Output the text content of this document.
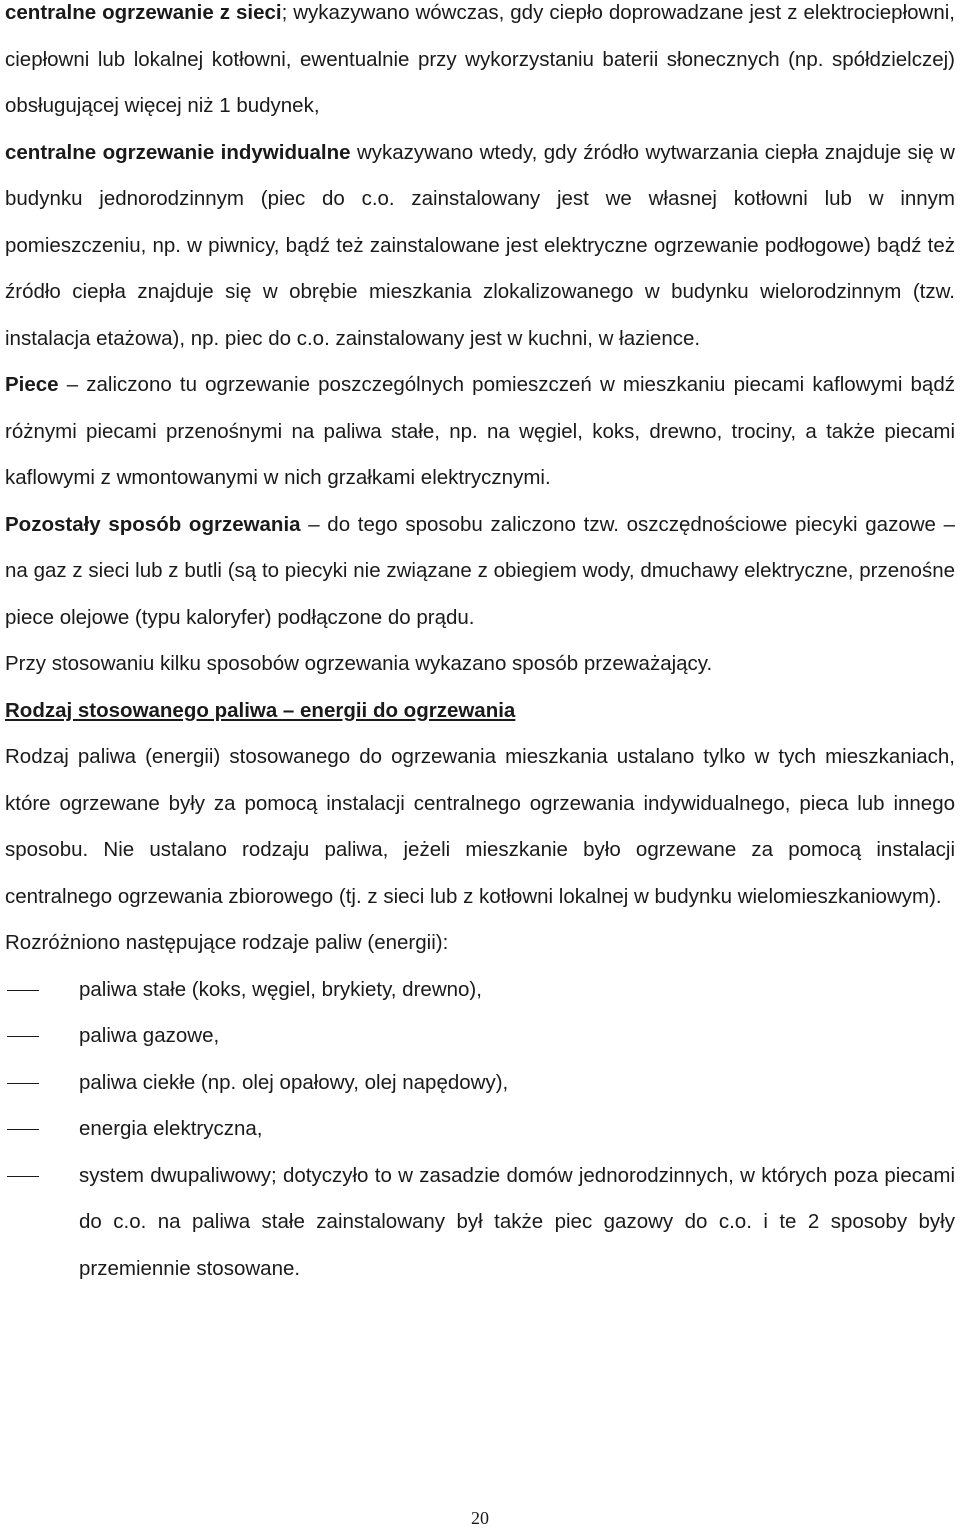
centralne ogrzewanie z sieci; wykazywano wówczas, gdy ciepło doprowadzane jest z elektrociepłowni, ciepłowni lub lokalnej kotłowni, ewentualnie przy wykorzystaniu baterii słonecznych (np. spółdzielczej) obsługującej więcej niż 1 budynek,

centralne ogrzewanie indywidualne wykazywano wtedy, gdy źródło wytwarzania ciepła znajduje się w budynku jednorodzinnym (piec do c.o. zainstalowany jest we własnej kotłowni lub w innym pomieszczeniu, np. w piwnicy, bądź też zainstalowane jest elektryczne ogrzewanie podłogowe) bądź też źródło ciepła znajduje się w obrębie mieszkania zlokalizowanego w budynku wielorodzinnym (tzw. instalacja etażowa), np. piec do c.o. zainstalowany jest w kuchni, w łazience.

Piece – zaliczono tu ogrzewanie poszczególnych pomieszczeń w mieszkaniu piecami kaflowymi bądź różnymi piecami przenośnymi na paliwa stałe, np. na węgiel, koks, drewno, trociny, a także piecami kaflowymi z wmontowanymi w nich grzałkami elektrycznymi.

Pozostały sposób ogrzewania – do tego sposobu zaliczono tzw. oszczędnościowe piecyki gazowe – na gaz z sieci lub z butli (są to piecyki nie związane z obiegiem wody, dmuchawy elektryczne, przenośne piece olejowe (typu kaloryfer) podłączone do prądu.

Przy stosowaniu kilku sposobów ogrzewania wykazano sposób przeważający.

Rodzaj stosowanego paliwa – energii do ogrzewania

Rodzaj paliwa (energii) stosowanego do ogrzewania mieszkania ustalano tylko w tych mieszkaniach, które ogrzewane były za pomocą instalacji centralnego ogrzewania indywidualnego, pieca lub innego sposobu. Nie ustalano rodzaju paliwa, jeżeli mieszkanie było ogrzewane za pomocą instalacji centralnego ogrzewania zbiorowego (tj. z sieci lub z kotłowni lokalnej w budynku wielomieszkaniowym).

Rozróżniono następujące rodzaje paliw (energii):

paliwa stałe (koks, węgiel, brykiety, drewno),

paliwa gazowe,

paliwa ciekłe (np. olej opałowy, olej napędowy),

energia elektryczna,

system dwupaliwowy; dotyczyło to w zasadzie domów jednorodzinnych, w których poza piecami do c.o. na paliwa stałe zainstalowany był także piec gazowy do c.o. i te 2 sposoby były przemiennie stosowane.

20
